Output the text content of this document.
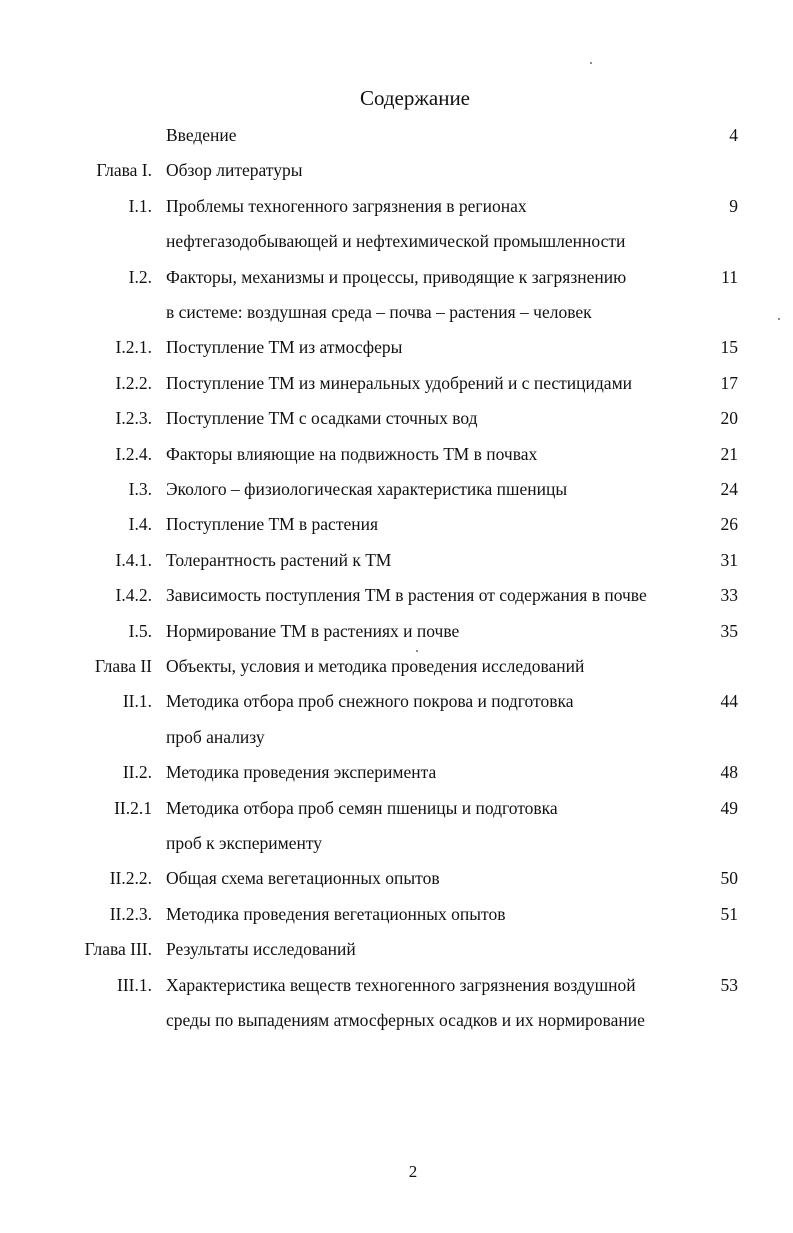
Содержание
Введение	4
Глава I. Обзор литературы
I.1. Проблемы техногенного загрязнения в регионах	9
нефтегазодобывающей и нефтехимической промышленности
I.2. Факторы, механизмы и процессы, приводящие к загрязнению	11
в системе: воздушная среда – почва – растения – человек
I.2.1. Поступление ТМ из атмосферы	15
I.2.2. Поступление ТМ из минеральных удобрений и с пестицидами	17
I.2.3. Поступление ТМ с осадками сточных вод	20
I.2.4. Факторы влияющие на подвижность ТМ в почвах	21
I.3. Эколого – физиологическая характеристика пшеницы	24
I.4. Поступление ТМ в растения	26
I.4.1. Толерантность растений к ТМ	31
I.4.2. Зависимость поступления ТМ в растения от содержания в почве	33
I.5. Нормирование ТМ в растениях и почве	35
Глава II Объекты, условия и методика проведения исследований
II.1. Методика отбора проб снежного покрова и подготовка	44
проб анализу
II.2. Методика проведения эксперимента	48
II.2.1 Методика отбора проб семян пшеницы и подготовка	49
проб к эксперименту
II.2.2. Общая схема вегетационных опытов	50
II.2.3. Методика проведения вегетационных опытов	51
Глава III. Результаты исследований
III.1. Характеристика веществ техногенного загрязнения воздушной	53
среды по выпадениям атмосферных осадков и их нормирование
2
